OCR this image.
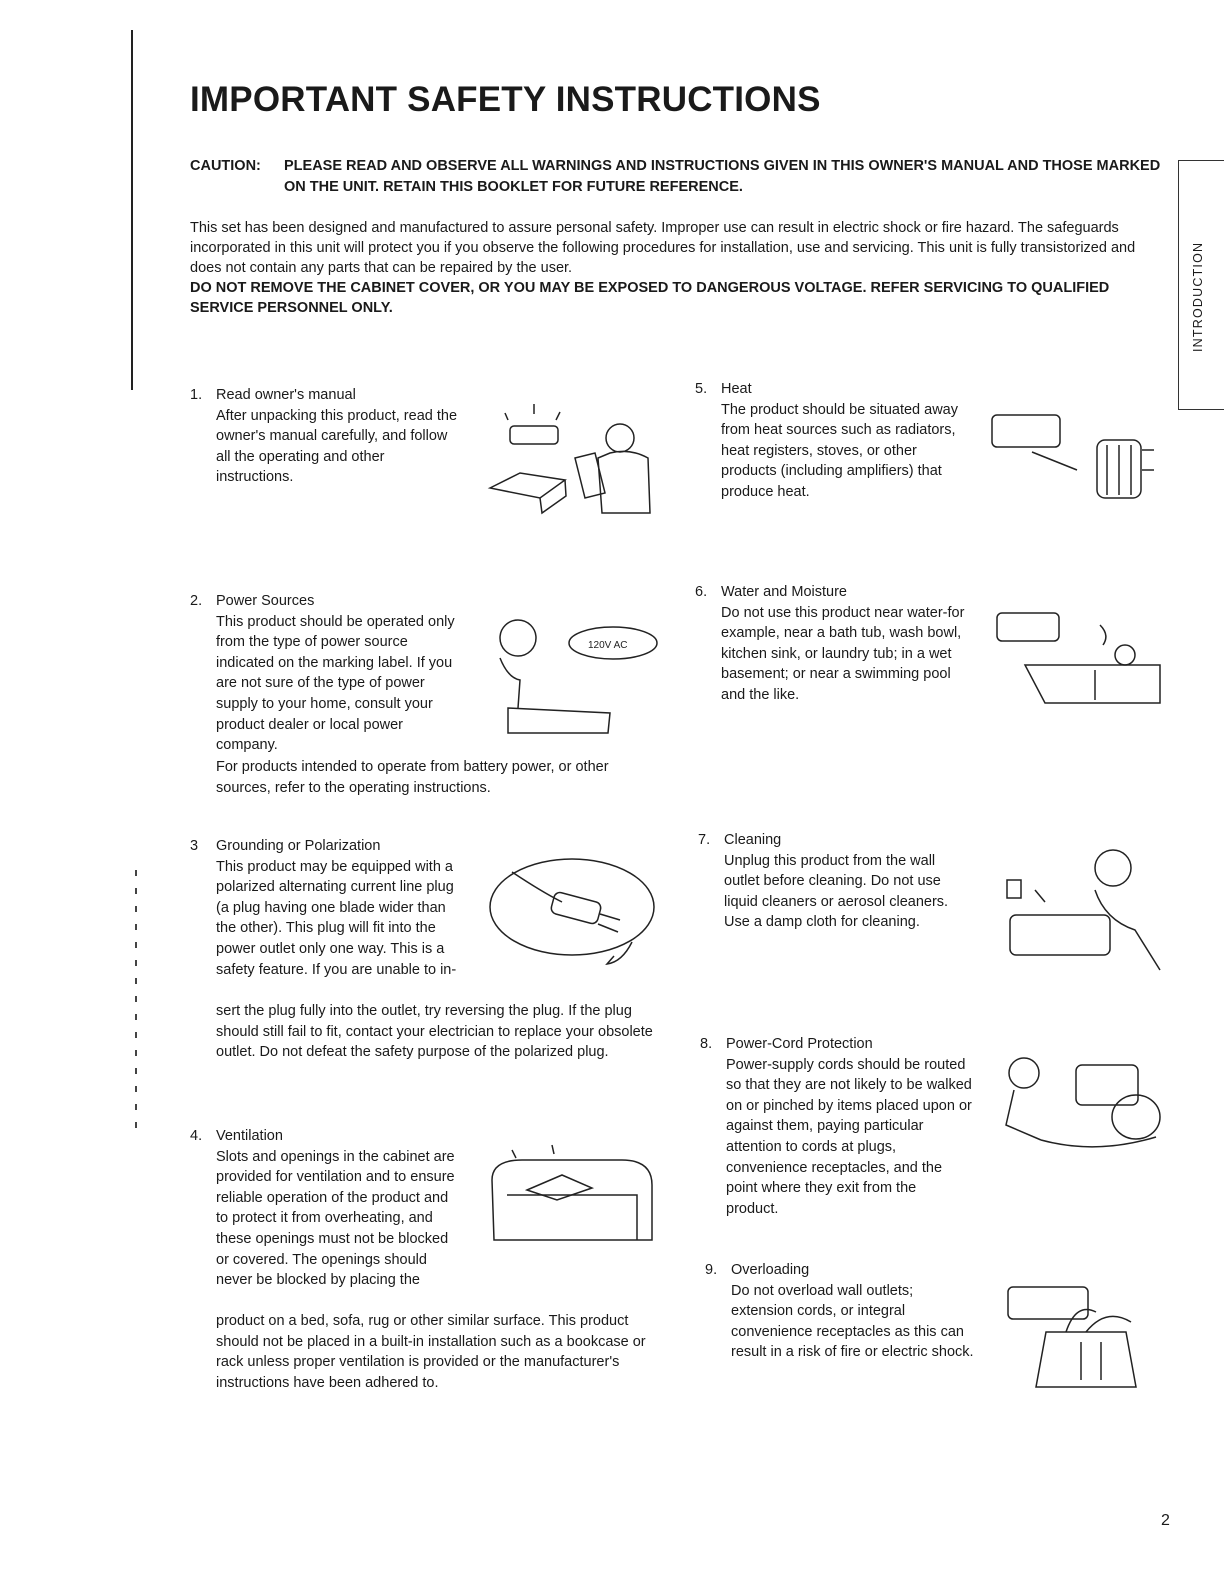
IMPORTANT SAFETY INSTRUCTIONS
CAUTION: PLEASE READ AND OBSERVE ALL WARNINGS AND INSTRUCTIONS GIVEN IN THIS OWNER'S MANUAL AND THOSE MARKED ON THE UNIT. RETAIN THIS BOOKLET FOR FUTURE REFERENCE.

This set has been designed and manufactured to assure personal safety. Improper use can result in electric shock or fire hazard. The safeguards incorporated in this unit will protect you if you observe the following procedures for installation, use and servicing. This unit is fully transistorized and does not contain any parts that can be repaired by the user.

DO NOT REMOVE THE CABINET COVER, OR YOU MAY BE EXPOSED TO DANGEROUS VOLTAGE. REFER SERVICING TO QUALIFIED SERVICE PERSONNEL ONLY.	INTRODUCTION
1. Read owner's manual

After unpacking this product, read the owner's manual carefully, and follow all the operating and other instructions.

2. Power Sources

This product should be operated only from the type of power source indicated on the marking label. If you are not sure of the type of power supply to your home, consult your product dealer or local power company.

For products intended to operate from battery power, or other sources, refer to the operating instructions.

120V AC
3 Grounding or Polarization

This product may be equipped with a polarized alternating current line plug (a plug having one blade wider than the other). This plug will fit into the power outlet only one way. This is a safety feature. If you are unable to in-

sert the plug fully into the outlet, try reversing the plug. If the plug should still fail to fit, contact your electrician to replace your obsolete outlet. Do not defeat the safety purpose of the polarized plug.

4. Ventilation

Slots and openings in the cabinet are provided for ventilation and to ensure reliable operation of the product and to protect it from overheating, and these openings must not be blocked or covered. The openings should never be blocked by placing the

product on a bed, sofa, rug or other similar surface. This product should not be placed in a built-in installation such as a bookcase or rack unless proper ventilation is provided or the manufacturer's instructions have been adhered to.

5. Heat

The product should be situated away from heat sources such as radiators, heat registers, stoves, or other products (including amplifiers) that produce heat.

6. Water and Moisture

Do not use this product near water-for example, near a bath tub, wash bowl, kitchen sink, or laundry tub; in a wet basement; or near a swimming pool and the like.

7. Cleaning

Unplug this product from the wall outlet before cleaning. Do not use liquid cleaners or aerosol cleaners. Use a damp cloth for cleaning.

8. Power-Cord Protection

Power-supply cords should be routed so that they are not likely to be walked on or pinched by items placed upon or against them, paying particular attention to cords at plugs, convenience receptacles, and the point where they exit from the product.

9. Overloading

Do not overload wall outlets; extension cords, or integral convenience receptacles as this can result in a risk of fire or electric shock.

2
